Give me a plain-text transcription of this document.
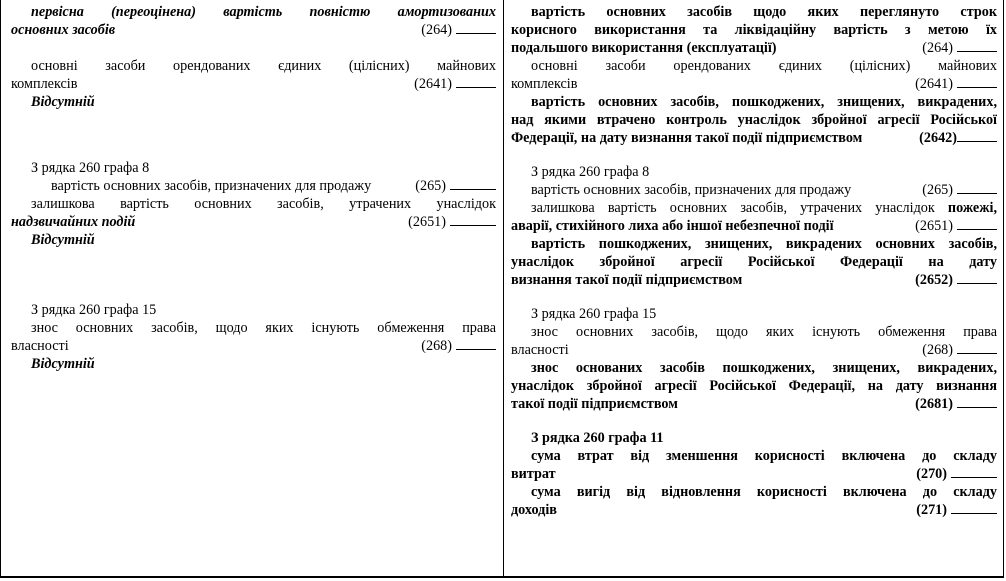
первісна (переоцінена) вартість повністю амортизованих
основних засобів	(264)
основні засоби орендованих єдиних (цілісних) майнових
комплексів	(2641)
Відсутній
З рядка 260 графа 8
вартість основних засобів, призначених для продажу	(265)
залишкова вартість основних засобів, утрачених унаслідок
надзвичайних подій	(2651)
Відсутній
З рядка 260 графа 15
знос основних засобів, щодо яких існують обмеження права
власності	(268)
Відсутній
вартість основних засобів щодо яких переглянуто строк
корисного використання та ліквідаційну вартість з метою їх
подальшого використання (експлуатації)	(264)
основні засоби орендованих єдиних (цілісних) майнових
комплексів	(2641)
вартість основних засобів, пошкоджених, знищених, викрадених,
над якими втрачено контроль унаслідок збройної агресії Російської
Федерації, на дату визнання такої події підприємством	(2642)
З рядка 260 графа 8
вартість основних засобів, призначених для продажу	(265)
залишкова вартість основних засобів, утрачених унаслідок пожежі,
аварії, стихійного лиха або іншої небезпечної події	(2651)
вартість пошкоджених, знищених, викрадених основних засобів,
унаслідок збройної агресії Російської Федерації на дату
визнання такої події підприємством	(2652)
З рядка 260 графа 15
знос основних засобів, щодо яких існують обмеження права
власності	(268)
знос основаних засобів пошкоджених, знищених, викрадених,
унаслідок збройної агресії Російської Федерації, на дату визнання
такої події підприємством	(2681)
З рядка 260 графа 11
сума втрат від зменшення корисності включена до складу
витрат	(270)
сума вигід від відновлення корисності включена до складу
доходів	(271)
